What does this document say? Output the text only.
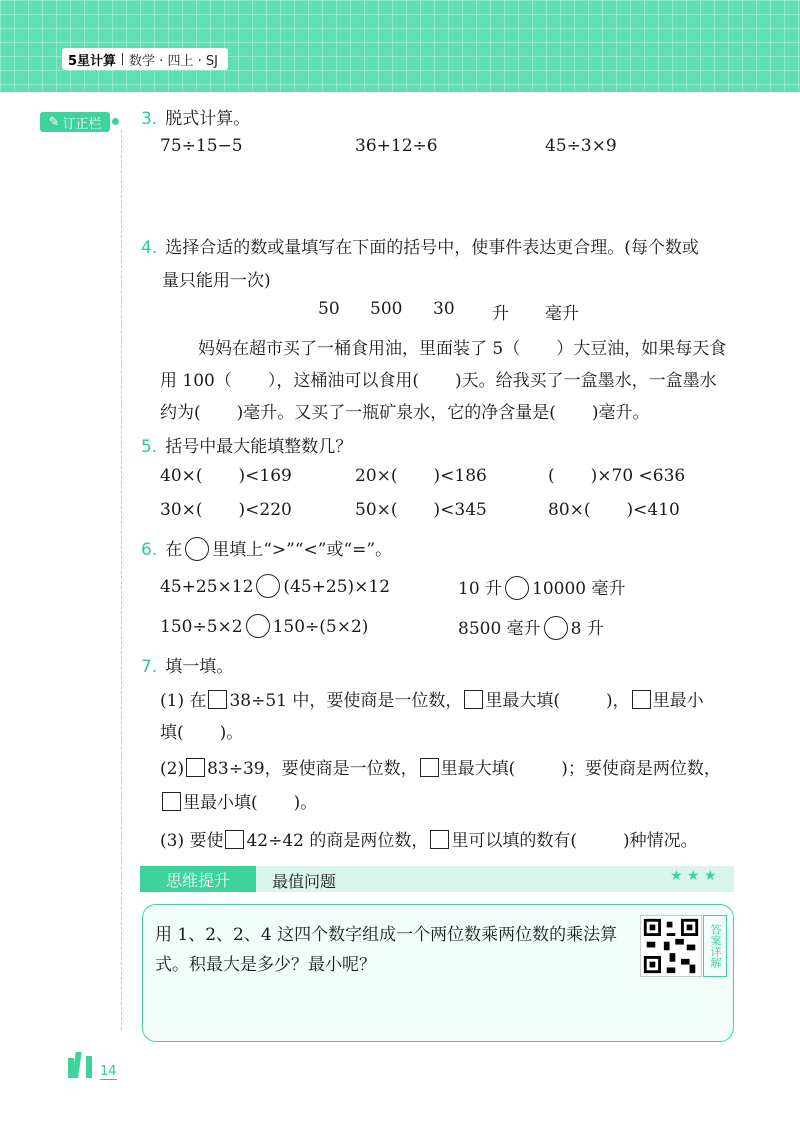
5星计算 数学 · 四上 · SJ
✎ 订正栏 3. 脱式计算。
75÷15−5	36+12÷6	45÷3×9
4. 选择合适的数或量填写在下面的括号中，使事件表达更合理。(每个数或
量只能用一次)
50 500 30 升 毫升
妈妈在超市买了一桶食用油，里面装了 5（ ）大豆油，如果每天食
用 100（ ），这桶油可以食用( )天。给我买了一盒墨水，一盒墨水
约为( )毫升。又买了一瓶矿泉水，它的净含量是( )毫升。
5. 括号中最大能填整数几？
40×( )<169	20×( )<186	( )×70 <636
30×( )<220	50×( )<345	80×( )<410
6. 在 里填上“>”“<”或“=”。
45+25×12 (45+25)×12	10 升 10000 毫升
150÷5×2 150÷(5×2)	8500 毫升 8 升
7. 填一填。
(1) 在 38÷51 中，要使商是一位数， 里最大填(	)， 里最小
填( )。
(2) 83÷39，要使商是一位数， 里最大填(	)；要使商是两位数，
里最小填( )。
(3) 要使 42÷42 的商是两位数， 里可以填的数有(	)种情况。
思维提升	最值问题	★ ★ ★
用 1、2、2、4 这四个数字组成一个两位数乘两位数的乘法算式。积最大是多少？最小呢？	答案详解
14
